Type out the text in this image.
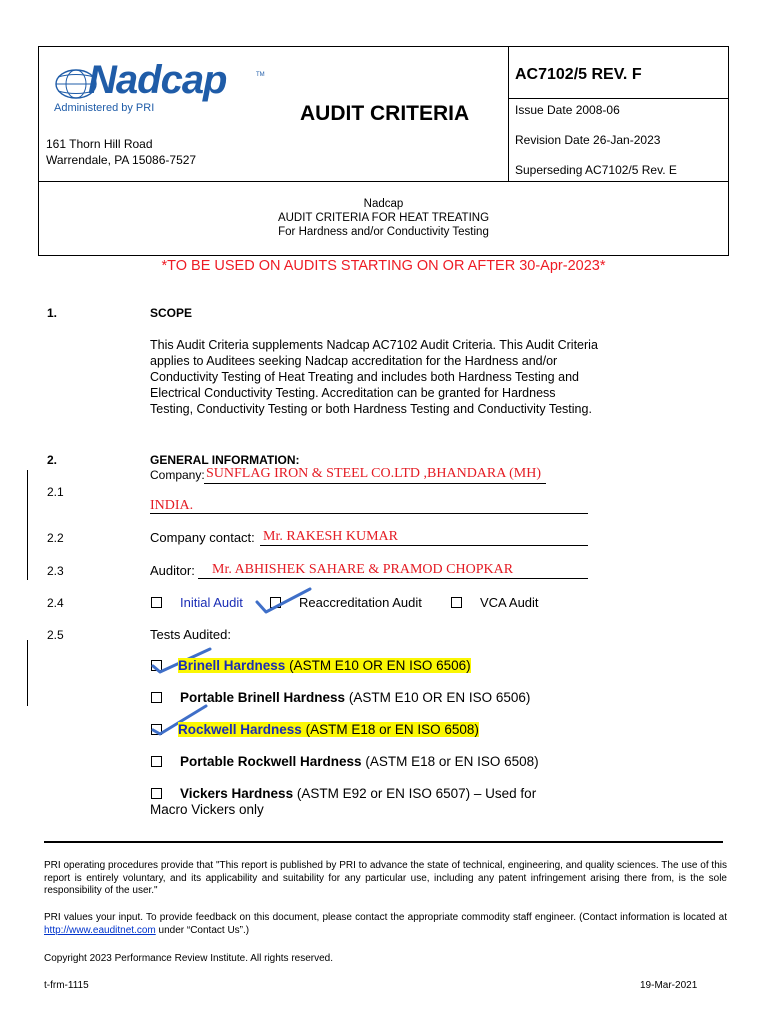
Nadcap	TM
Administered by PRI
161 Thorn Hill Road
Warrendale, PA 15086-7527
AUDIT CRITERIA
AC7102/5 REV. F
Issue Date 2008-06
Revision Date 26-Jan-2023
Superseding AC7102/5 Rev. E
Nadcap
AUDIT CRITERIA FOR HEAT TREATING
For Hardness and/or Conductivity Testing
*TO BE USED ON AUDITS STARTING ON OR AFTER 30-Apr-2023*
1.	SCOPE
This Audit Criteria supplements Nadcap AC7102 Audit Criteria. This Audit Criteria applies to Auditees seeking Nadcap accreditation for the Hardness and/or Conductivity Testing of Heat Treating and includes both Hardness Testing and Electrical Conductivity Testing. Accreditation can be granted for Hardness Testing, Conductivity Testing or both Hardness Testing and Conductivity Testing.
2.	GENERAL INFORMATION:
2.1
Company: SUNFLAG IRON & STEEL CO.LTD ,BHANDARA (MH)
INDIA.
2.2	Company contact: Mr. RAKESH KUMAR
2.3	Auditor: Mr. ABHISHEK SAHARE & PRAMOD CHOPKAR
2.4	Initial Audit	Reaccreditation Audit	VCA Audit
2.5	Tests Audited:
Brinell Hardness (ASTM E10 OR EN ISO 6506)
Portable Brinell Hardness (ASTM E10 OR EN ISO 6506)
Rockwell Hardness (ASTM E18 or EN ISO 6508)
Portable Rockwell Hardness (ASTM E18 or EN ISO 6508)
Vickers Hardness (ASTM E92 or EN ISO 6507) – Used for
Macro Vickers only
PRI operating procedures provide that "This report is published by PRI to advance the state of technical, engineering, and quality sciences. The use of this report is entirely voluntary, and its applicability and suitability for any particular use, including any patent infringement arising there from, is the sole responsibility of the user."
PRI values your input. To provide feedback on this document, please contact the appropriate commodity staff engineer. (Contact information is located at http://www.eauditnet.com under “Contact Us”.)
Copyright 2023 Performance Review Institute. All rights reserved.
t-frm-1115	19-Mar-2021
